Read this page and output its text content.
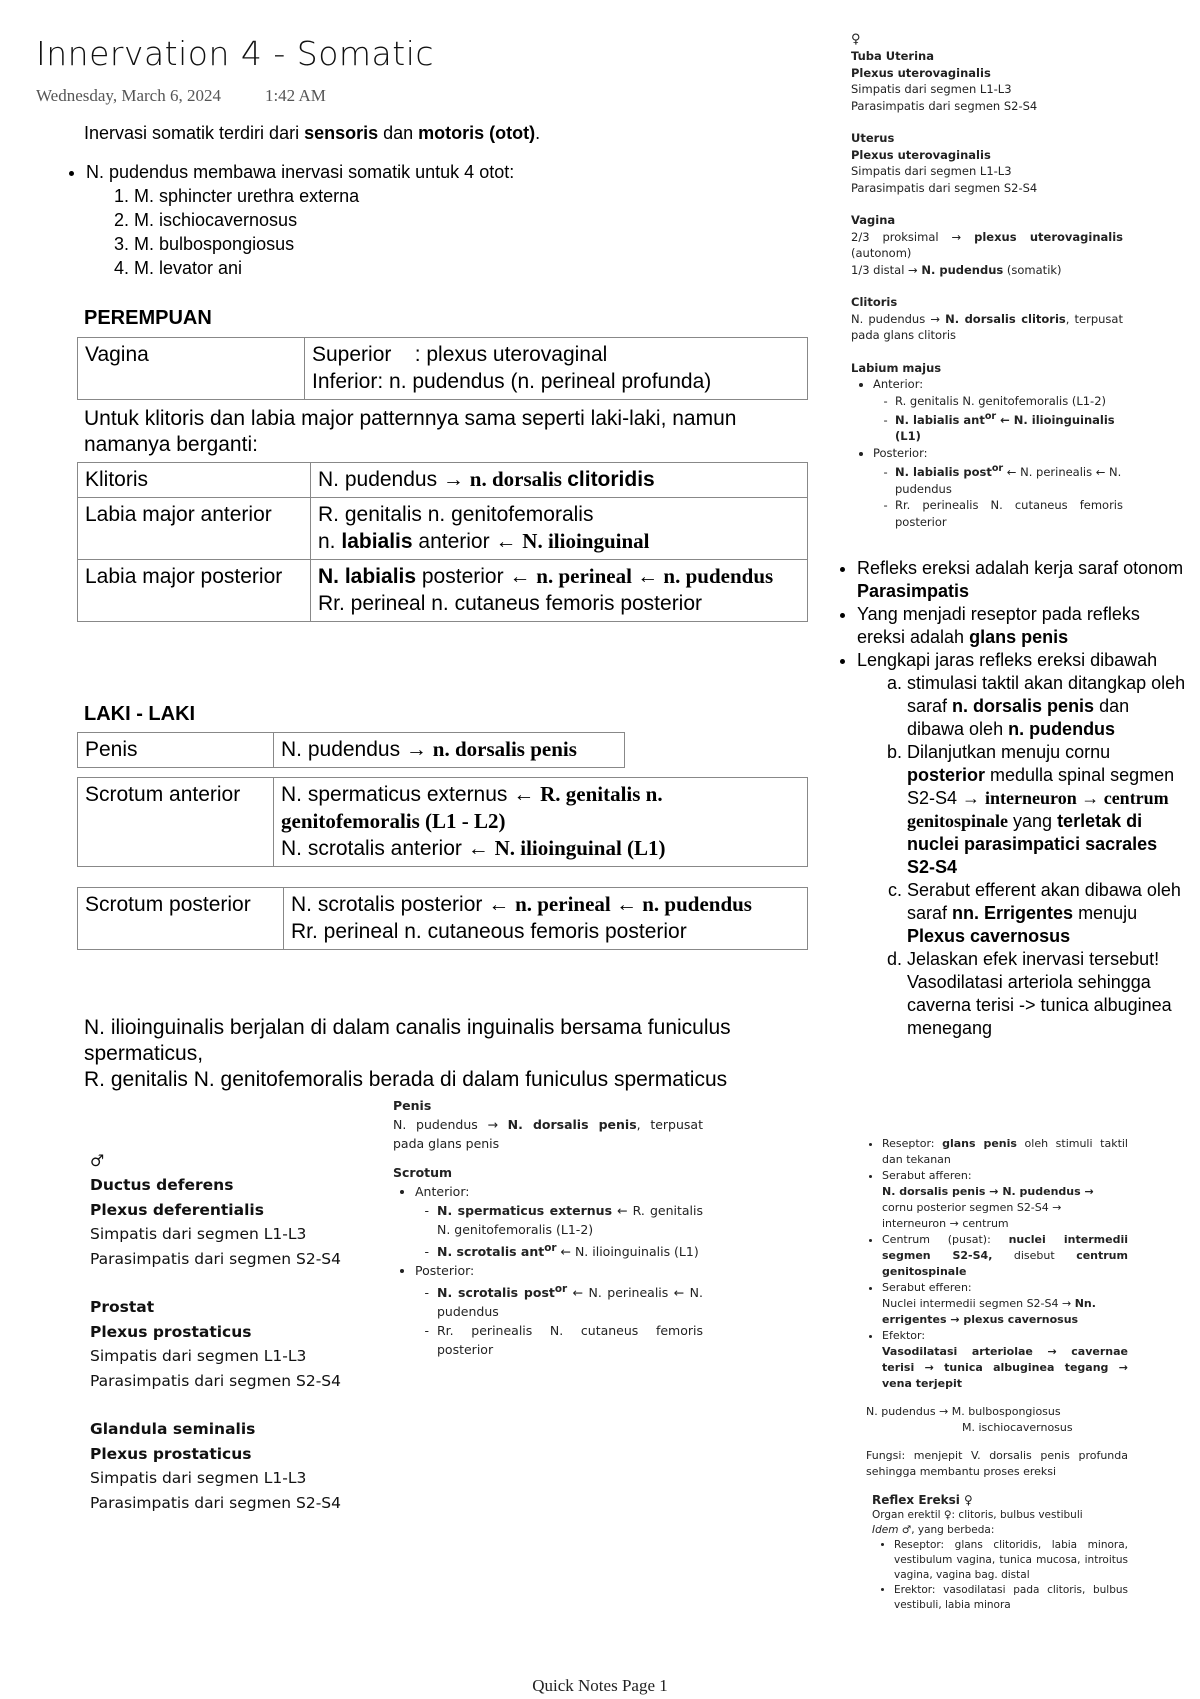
Innervation 4 - Somatic
Wednesday, March 6, 2024	1:42 AM
Inervasi somatik terdiri dari sensoris dan motoris (otot).
• N. pudendus membawa inervasi somatik untuk 4 otot:
1. M. sphincter urethra externa
2. M. ischiocavernosus
3. M. bulbospongiosus
4. M. levator ani
PEREMPUAN
Vagina	Superior    : plexus uterovaginal
Inferior: n. pudendus (n. perineal profunda)
Untuk klitoris dan labia major patternnya sama seperti laki-laki, namun namanya berganti:
Klitoris	N. pudendus → n. dorsalis clitoridis
Labia major anterior	R. genitalis n. genitofemoralis
n. labialis anterior ← N. ilioinguinal

Labia major posterior	N. labialis posterior ← n. perineal ← n. pudendus
Rr. perineal n. cutaneus femoris posterior
LAKI - LAKI
Penis	N. pudendus → n. dorsalis penis
Scrotum anterior	N. spermaticus externus ← R. genitalis n. genitofemoralis (L1 - L2)
N. scrotalis anterior ← N. ilioinguinal (L1)
Scrotum posterior	N. scrotalis posterior ← n. perineal ← n. pudendus
Rr. perineal n. cutaneous femoris posterior
N. ilioinguinalis berjalan di dalam canalis inguinalis bersama funiculus spermaticus,
R. genitalis N. genitofemoralis berada di dalam funiculus spermaticus
♂
Ductus deferens
Plexus deferentialis
Simpatis dari segmen L1-L3
Parasimpatis dari segmen S2-S4
Prostat
Plexus prostaticus
Simpatis dari segmen L1-L3
Parasimpatis dari segmen S2-S4
Glandula seminalis
Plexus prostaticus
Simpatis dari segmen L1-L3
Parasimpatis dari segmen S2-S4
Penis
N. pudendus → N. dorsalis penis, terpusat pada glans penis
Scrotum
• Anterior:
- N. spermaticus externus ← R. genitalis N. genitofemoralis (L1-2)
- N. scrotalis ant$^{or}$ ← N. ilioinguinalis (L1)
• Posterior:
- N. scrotalis post$^{or}$ ← N. perinealis ← N. pudendus
- Rr. perinealis N. cutaneus femoris posterior
♀
Tuba Uterina
Plexus uterovaginalis
Simpatis dari segmen L1-L3
Parasimpatis dari segmen S2-S4
Uterus
Plexus uterovaginalis
Simpatis dari segmen L1-L3
Parasimpatis dari segmen S2-S4
Vagina
2/3 proksimal → plexus uterovaginalis (autonom)
1/3 distal → N. pudendus (somatik)
Clitoris
N. pudendus → N. dorsalis clitoris, terpusat pada glans clitoris
Labium majus
• Anterior:
- R. genitalis N. genitofemoralis (L1-2)
- N. labialis ant$^{or}$ ← N. ilioinguinalis (L1)
• Posterior:
- N. labialis post$^{or}$ ← N. perinealis ← N. pudendus
- Rr. perinealis N. cutaneus femoris posterior
• Refleks ereksi adalah kerja saraf otonom Parasimpatis
• Yang menjadi reseptor pada refleks ereksi adalah glans penis
• Lengkapi jaras refleks ereksi dibawah
a. stimulasi taktil akan ditangkap oleh saraf n. dorsalis penis dan dibawa oleh n. pudendus
b. Dilanjutkan menuju cornu posterior medulla spinal segmen S2-S4 → interneuron → centrum genitospinale yang terletak di nuclei parasimpatici sacrales S2-S4
c. Serabut efferent akan dibawa oleh saraf nn. Errigentes menuju Plexus cavernosus
d. Jelaskan efek inervasi tersebut!
Vasodilatasi arteriola sehingga caverna terisi -> tunica albuginea menegang
• Reseptor: glans penis oleh stimuli taktil dan tekanan
• Serabut afferen:
N. dorsalis penis → N. pudendus → cornu posterior segmen S2-S4 → interneuron → centrum
• Centrum (pusat): nuclei intermedii segmen S2-S4, disebut centrum genitospinale
• Serabut efferen:
Nuclei intermedii segmen S2-S4 → Nn. errigentes → plexus cavernosus
• Efektor:
Vasodilatasi arteriolae → cavernae terisi → tunica albuginea tegang → vena terjepit
N. pudendus → M. bulbospongiosus
M. ischiocavernosus
Fungsi: menjepit V. dorsalis penis profunda sehingga membantu proses ereksi
Reflex Ereksi ♀
Organ erektil ♀: clitoris, bulbus vestibuli
Idem ♂, yang berbeda:
• Reseptor: glans clitoridis, labia minora, vestibulum vagina, tunica mucosa, introitus vagina, vagina bag. distal
• Erektor: vasodilatasi pada clitoris, bulbus vestibuli, labia minora
Quick Notes Page 1
